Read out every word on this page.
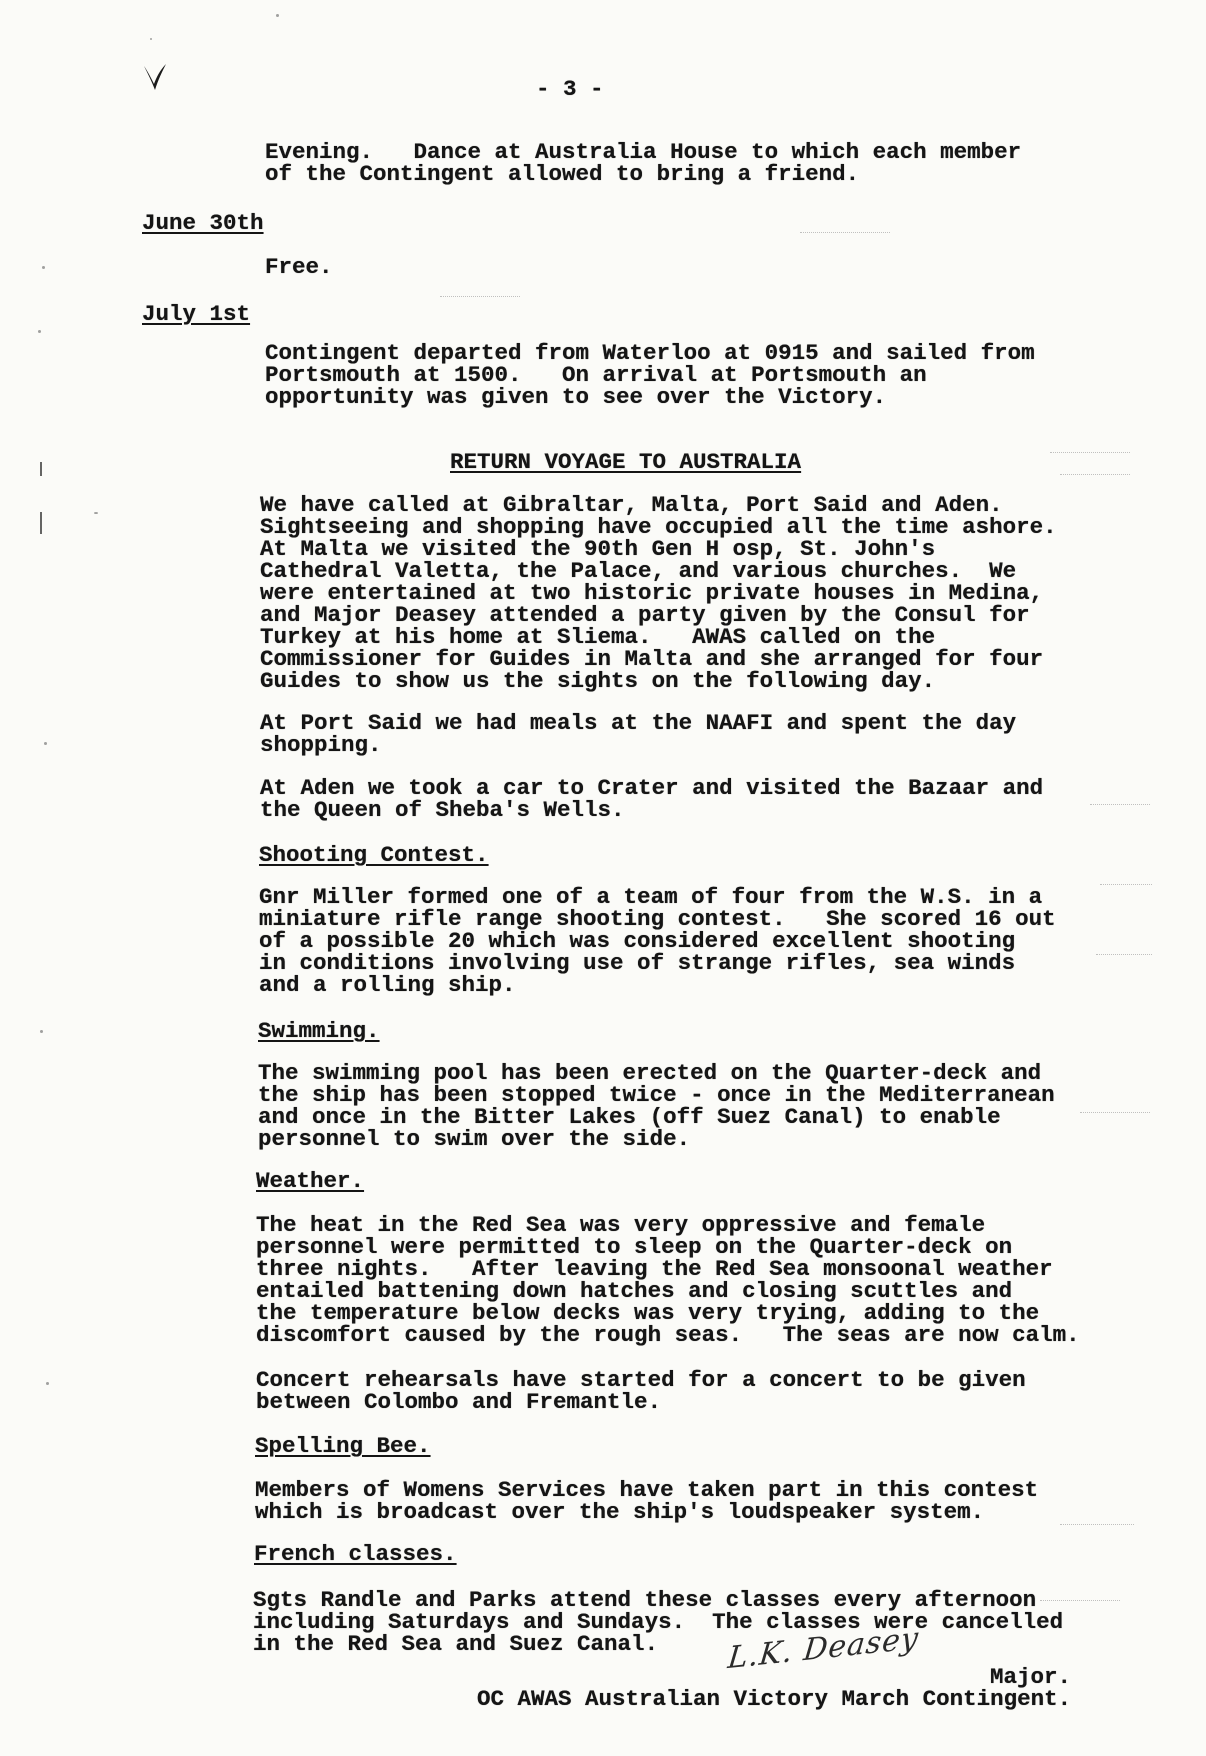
- 3 -
Evening.   Dance at Australia House to which each member
of the Contingent allowed to bring a friend.
June 30th
Free.
July 1st
Contingent departed from Waterloo at 0915 and sailed from
Portsmouth at 1500.   On arrival at Portsmouth an
opportunity was given to see over the Victory.
RETURN VOYAGE TO AUSTRALIA
We have called at Gibraltar, Malta, Port Said and Aden.
Sightseeing and shopping have occupied all the time ashore.
At Malta we visited the 90th Gen H osp, St. John's
Cathedral Valetta, the Palace, and various churches.  We
were entertained at two historic private houses in Medina,
and Major Deasey attended a party given by the Consul for
Turkey at his home at Sliema.   AWAS called on the
Commissioner for Guides in Malta and she arranged for four
Guides to show us the sights on the following day.
At Port Said we had meals at the NAAFI and spent the day
shopping.
At Aden we took a car to Crater and visited the Bazaar and
the Queen of Sheba's Wells.
Shooting Contest.
Gnr Miller formed one of a team of four from the W.S. in a
miniature rifle range shooting contest.   She scored 16 out
of a possible 20 which was considered excellent shooting
in conditions involving use of strange rifles, sea winds
and a rolling ship.
Swimming.
The swimming pool has been erected on the Quarter-deck and
the ship has been stopped twice - once in the Mediterranean
and once in the Bitter Lakes (off Suez Canal) to enable
personnel to swim over the side.
Weather.
The heat in the Red Sea was very oppressive and female
personnel were permitted to sleep on the Quarter-deck on
three nights.   After leaving the Red Sea monsoonal weather
entailed battening down hatches and closing scuttles and
the temperature below decks was very trying, adding to the
discomfort caused by the rough seas.   The seas are now calm.
Concert rehearsals have started for a concert to be given
between Colombo and Fremantle.
Spelling Bee.
Members of Womens Services have taken part in this contest
which is broadcast over the ship's loudspeaker system.
French classes.
Sgts Randle and Parks attend these classes every afternoon
including Saturdays and Sundays.  The classes were cancelled
in the Red Sea and Suez Canal.	L.K. Deasey
Major.
OC AWAS Australian Victory March Contingent.
